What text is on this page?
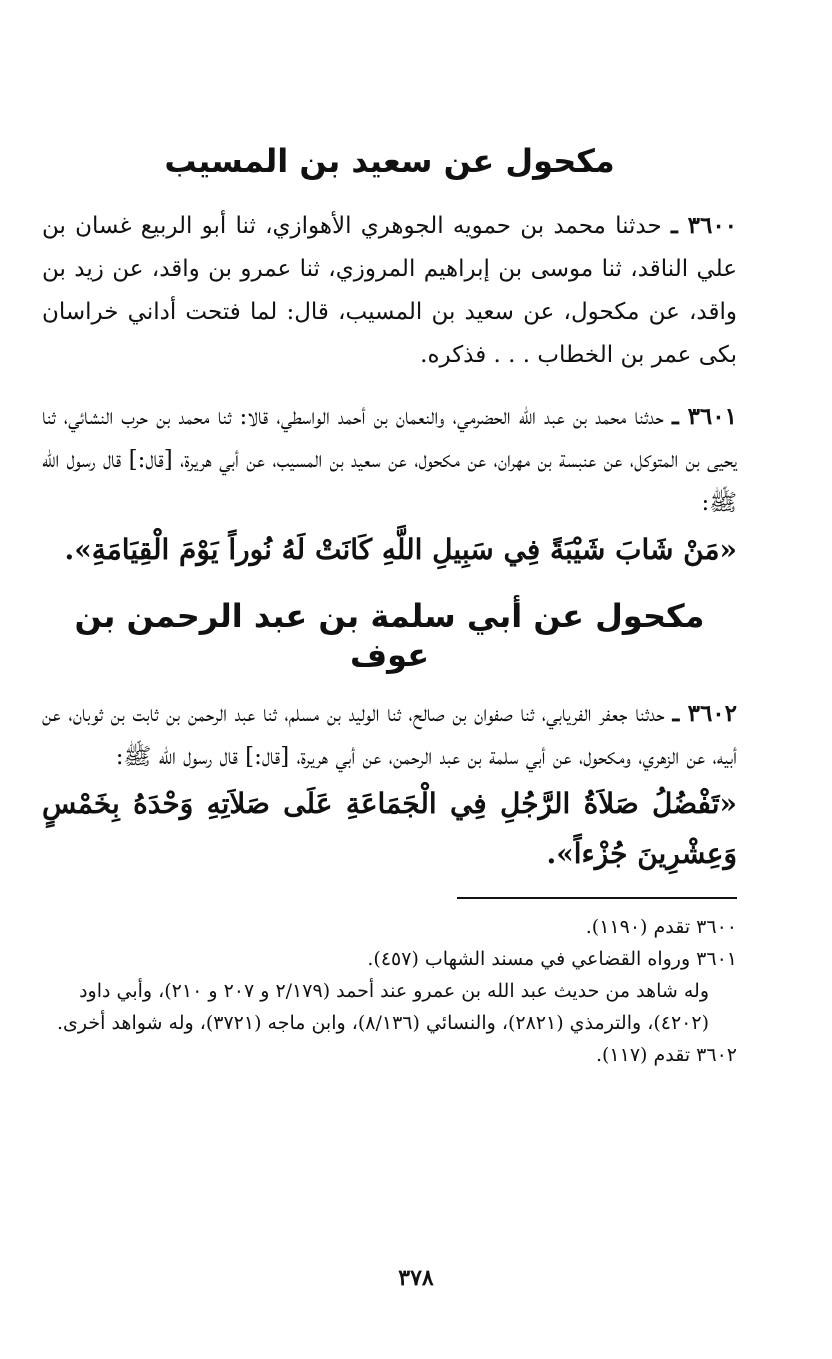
مكحول عن سعيد بن المسيب

٣٦٠٠ ـ حدثنا محمد بن حمويه الجوهري الأهوازي، ثنا أبو الربيع غسان بن علي الناقد، ثنا موسى بن إبراهيم المروزي، ثنا عمرو بن واقد، عن زيد بن واقد، عن مكحول، عن سعيد بن المسيب، قال: لما فتحت أداني خراسان بكى عمر بن الخطاب . . . فذكره.

٣٦٠١ ـ حدثنا محمد بن عبد الله الحضرمي، والنعمان بن أحمد الواسطي، قالا: ثنا محمد بن حرب النشائي، ثنا يحيى بن المتوكل، عن عنبسة بن مهران، عن مكحول، عن سعيد بن المسيب، عن أبي هريرة، [قال:] قال رسول الله ﷺ:

«مَنْ شَابَ شَيْبَةً فِي سَبِيلِ اللَّهِ كَانَتْ لَهُ نُوراً يَوْمَ الْقِيَامَةِ».

مكحول عن أبي سلمة بن عبد الرحمن بن عوف

٣٦٠٢ ـ حدثنا جعفر الفريابي، ثنا صفوان بن صالح، ثنا الوليد بن مسلم، ثنا عبد الرحمن بن ثابت بن ثوبان، عن أبيه، عن الزهري، ومكحول، عن أبي سلمة بن عبد الرحمن، عن أبي هريرة، [قال:] قال رسول الله ﷺ:

«تَفْضُلُ صَلاَةُ الرَّجُلِ فِي الْجَمَاعَةِ عَلَى صَلاَتِهِ وَحْدَهُ بِخَمْسٍ وَعِشْرِينَ جُزْءاً».

٣٦٠٠ تقدم (١١٩٠).

٣٦٠١ ورواه القضاعي في مسند الشهاب (٤٥٧).

وله شاهد من حديث عبد الله بن عمرو عند أحمد (٢/١٧٩ و ٢٠٧ و ٢١٠)، وأبي داود (٤٢٠٢)، والترمذي (٢٨٢١)، والنسائي (٨/١٣٦)، وابن ماجه (٣٧٢١)، وله شواهد أخرى.

٣٦٠٢ تقدم (١١٧).

٣٧٨
